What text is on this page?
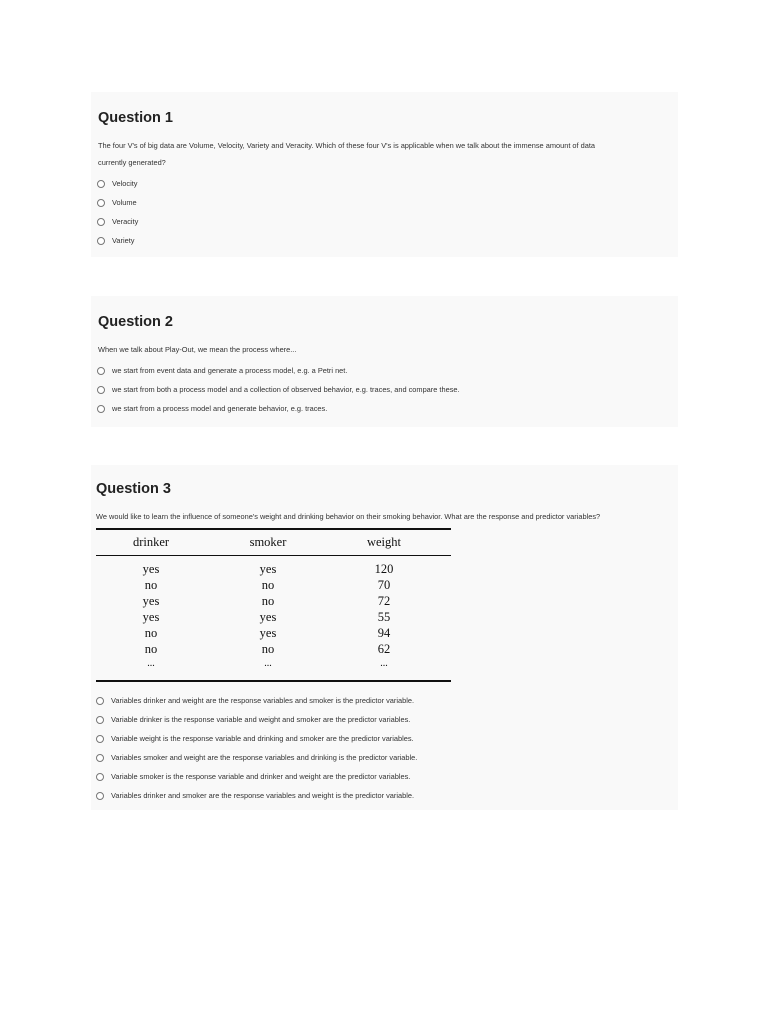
Question 1
The four V's of big data are Volume, Velocity, Variety and Veracity. Which of these four V's is applicable when we talk about the immense amount of data
currently generated?
Velocity
Volume
Veracity
Variety
Question 2
When we talk about Play-Out, we mean the process where...
we start from event data and generate a process model, e.g. a Petri net.
we start from both a process model and a collection of observed behavior, e.g. traces, and compare these.
we start from a process model and generate behavior, e.g. traces.
Question 3
We would like to learn the influence of someone's weight and drinking behavior on their smoking behavior. What are the response and predictor variables?
drinker	smoker	weight
yes	yes	120
no	no	70
yes	no	72
yes	yes	55
no	yes	94
no	no	62
...	...	...
Variables drinker and weight are the response variables and smoker is the predictor variable.
Variable drinker is the response variable and weight and smoker are the predictor variables.
Variable weight is the response variable and drinking and smoker are the predictor variables.
Variables smoker and weight are the response variables and drinking is the predictor variable.
Variable smoker is the response variable and drinker and weight are the predictor variables.
Variables drinker and smoker are the response variables and weight is the predictor variable.
